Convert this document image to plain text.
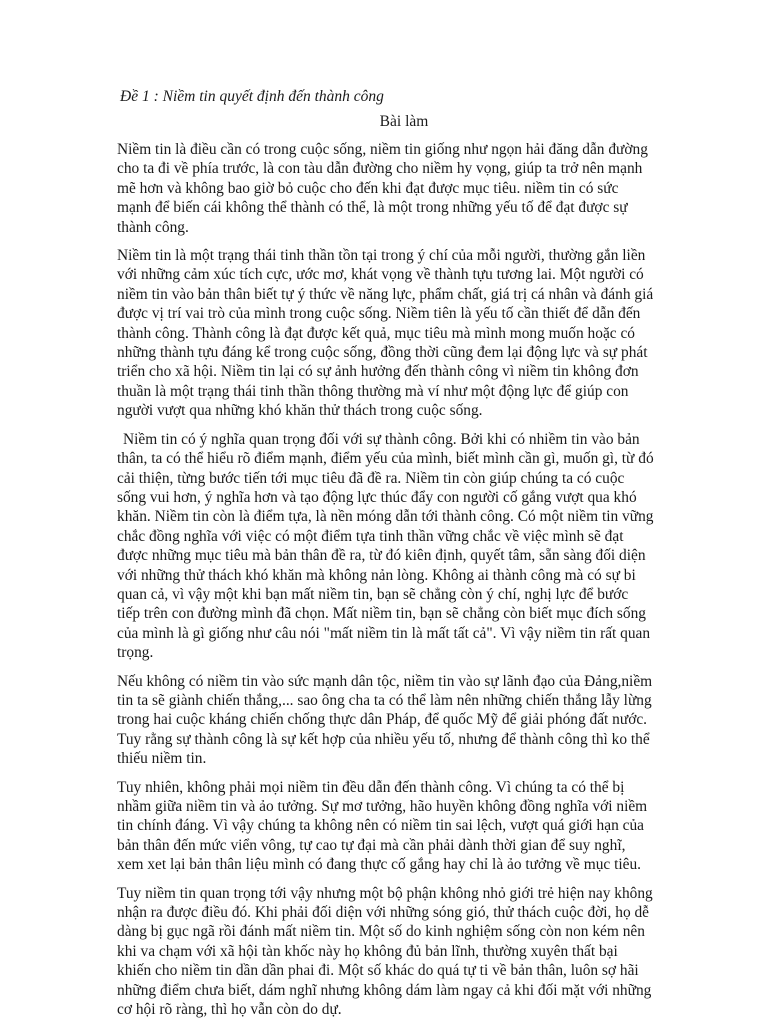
Đề 1 : Niềm tin quyết định đến thành công
Bài làm

Niềm tin là điều cần có trong cuộc sống, niềm tin giống như ngọn hải đăng dẫn đường cho ta đi về phía trước, là con tàu dẫn đường cho niềm hy vọng, giúp ta trở nên mạnh mẽ hơn và không bao giờ bỏ cuộc cho đến khi đạt được mục tiêu. niềm tin có sức mạnh để biến cái không thể thành có thể, là một trong những yếu tố để đạt được sự thành công.

Niềm tin là một trạng thái tinh thần tồn tại trong ý chí của mỗi người, thường gắn liền với những cảm xúc tích cực, ước mơ, khát vọng về thành tựu tương lai. Một người có niềm tin vào bản thân biết tự ý thức về năng lực, phẩm chất, giá trị cá nhân và đánh giá được vị trí vai trò của mình trong cuộc sống. Niềm tiên là yếu tố cần thiết để dẫn đến thành công. Thành công là đạt được kết quả, mục tiêu mà mình mong muốn hoặc có những thành tựu đáng kể trong cuộc sống, đồng thời cũng đem lại động lực và sự phát triển cho xã hội. Niềm tin lại có sự ảnh hưởng đến thành công vì niềm tin không đơn thuần là một trạng thái tinh thần thông thường mà ví như một động lực để giúp con người vượt qua những khó khăn thử thách trong cuộc sống.

Niềm tin có ý nghĩa quan trọng đối với sự thành công. Bởi khi có nhiềm tin vào bản thân, ta có thể hiểu rõ điểm mạnh, điểm yếu của mình, biết mình cần gì, muốn gì, từ đó cải thiện, từng bước tiến tới mục tiêu đã đề ra. Niềm tin còn giúp chúng ta có cuộc sống vui hơn, ý nghĩa hơn và tạo động lực thúc đẩy con người cố gắng vượt qua khó khăn. Niềm tin còn là điểm tựa, là nền móng dẫn tới thành công. Có một niềm tin vững chắc đồng nghĩa với việc có một điểm tựa tinh thần vững chắc về việc mình sẽ đạt được những mục tiêu mà bản thân đề ra, từ đó kiên định, quyết tâm, sẵn sàng đối diện với những thử thách khó khăn mà không nản lòng. Không ai thành công mà có sự bi quan cả, vì vậy một khi bạn mất niềm tin, bạn sẽ chẳng còn ý chí, nghị lực để bước tiếp trên con đường mình đã chọn. Mất niềm tin, bạn sẽ chẳng còn biết mục đích sống của mình là gì giống như câu nói "mất niềm tin là mất tất cả". Vì vậy niềm tin rất quan trọng.

Nếu không có niềm tin vào sức mạnh dân tộc, niềm tin vào sự lãnh đạo của Đảng,niềm tin ta sẽ giành chiến thắng,... sao ông cha ta có thể làm nên những chiến thắng lẫy lừng trong hai cuộc kháng chiến chống thực dân Pháp, để quốc Mỹ để giải phóng đất nước. Tuy rằng sự thành công là sự kết hợp của nhiều yếu tố, nhưng để thành công thì ko thể thiếu niềm tin.

Tuy nhiên, không phải mọi niềm tin đều dẫn đến thành công. Vì chúng ta có thể bị nhầm giữa niềm tin và ảo tưởng. Sự mơ tưởng, hão huyền không đồng nghĩa với niềm tin chính đáng. Vì vậy chúng ta không nên có niềm tin sai lệch, vượt quá giới hạn của bản thân đến mức viển vông, tự cao tự đại mà cần phải dành thời gian để suy nghĩ, xem xet lại bản thân liệu mình có đang thực cố gắng hay chỉ là ảo tưởng về mục tiêu.

Tuy niềm tin quan trọng tới vậy nhưng một bộ phận không nhỏ giới trẻ hiện nay không nhận ra được điều đó. Khi phải đối diện với những sóng gió, thử thách cuộc đời, họ dễ dàng bị gục ngã rồi đánh mất niềm tin. Một số do kinh nghiệm sống còn non kém nên khi va chạm với xã hội tàn khốc này họ không đủ bản lĩnh, thường xuyên thất bại khiến cho niềm tin dần dần phai đi. Một số khác do quá tự ti về bản thân, luôn sợ hãi những điểm chưa biết, dám nghĩ nhưng không dám làm ngay cả khi đối mặt với những cơ hội rõ ràng, thì họ vẫn còn do dự.
